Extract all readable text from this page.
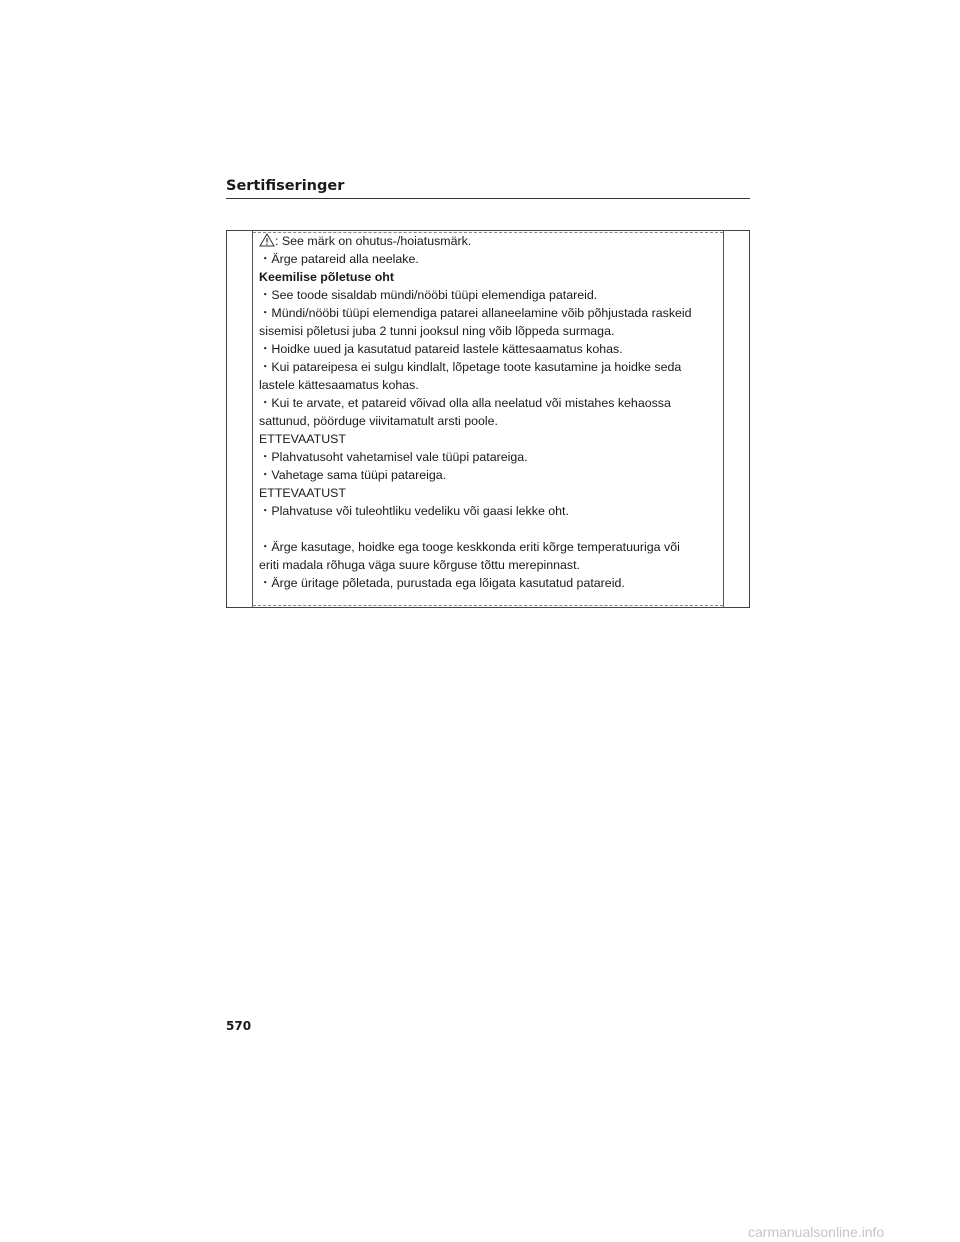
Sertifiseringer

: See märk on ohutus-/hoiatusmärk.

・Ärge patareid alla neelake.

Keemilise põletuse oht

・See toode sisaldab mündi/nööbi tüüpi elemendiga patareid.

・Mündi/nööbi tüüpi elemendiga patarei allaneelamine võib põhjustada raskeid

sisemisi põletusi juba 2 tunni jooksul ning võib lõppeda surmaga.

・Hoidke uued ja kasutatud patareid lastele kättesaamatus kohas.

・Kui patareipesa ei sulgu kindlalt, lõpetage toote kasutamine ja hoidke seda

lastele kättesaamatus kohas.

・Kui te arvate, et patareid võivad olla alla neelatud või mistahes kehaossa

sattunud, pöörduge viivitamatult arsti poole.

ETTEVAATUST

・Plahvatusoht vahetamisel vale tüüpi patareiga.

・Vahetage sama tüüpi patareiga.

ETTEVAATUST

・Plahvatuse või tuleohtliku vedeliku või gaasi lekke oht.

・Ärge kasutage, hoidke ega tooge keskkonda eriti kõrge temperatuuriga või

eriti madala rõhuga väga suure kõrguse tõttu merepinnast.

・Ärge üritage põletada, purustada ega lõigata kasutatud patareid.

570
carmanualsonline.info
